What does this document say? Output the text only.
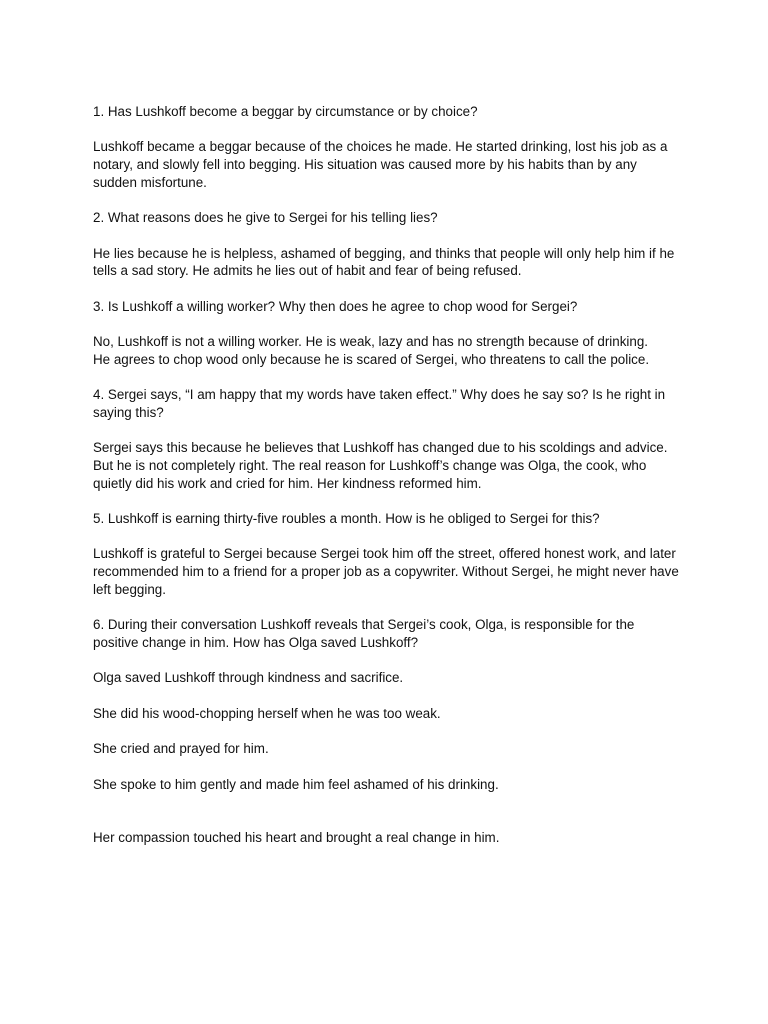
1. Has Lushkoff become a beggar by circumstance or by choice?

Lushkoff became a beggar because of the choices he made. He started drinking, lost his job as a notary, and slowly fell into begging. His situation was caused more by his habits than by any sudden misfortune.

2. What reasons does he give to Sergei for his telling lies?

He lies because he is helpless, ashamed of begging, and thinks that people will only help him if he tells a sad story. He admits he lies out of habit and fear of being refused.

3. Is Lushkoff a willing worker? Why then does he agree to chop wood for Sergei?

No, Lushkoff is not a willing worker. He is weak, lazy and has no strength because of drinking.

He agrees to chop wood only because he is scared of Sergei, who threatens to call the police.

4. Sergei says, “I am happy that my words have taken effect.” Why does he say so? Is he right in saying this?

Sergei says this because he believes that Lushkoff has changed due to his scoldings and advice.

But he is not completely right. The real reason for Lushkoff’s change was Olga, the cook, who quietly did his work and cried for him. Her kindness reformed him.

5. Lushkoff is earning thirty-five roubles a month. How is he obliged to Sergei for this?

Lushkoff is grateful to Sergei because Sergei took him off the street, offered honest work, and later recommended him to a friend for a proper job as a copywriter. Without Sergei, he might never have left begging.

6. During their conversation Lushkoff reveals that Sergei’s cook, Olga, is responsible for the positive change in him. How has Olga saved Lushkoff?

Olga saved Lushkoff through kindness and sacrifice.

She did his wood-chopping herself when he was too weak.

She cried and prayed for him.

She spoke to him gently and made him feel ashamed of his drinking.

Her compassion touched his heart and brought a real change in him.
